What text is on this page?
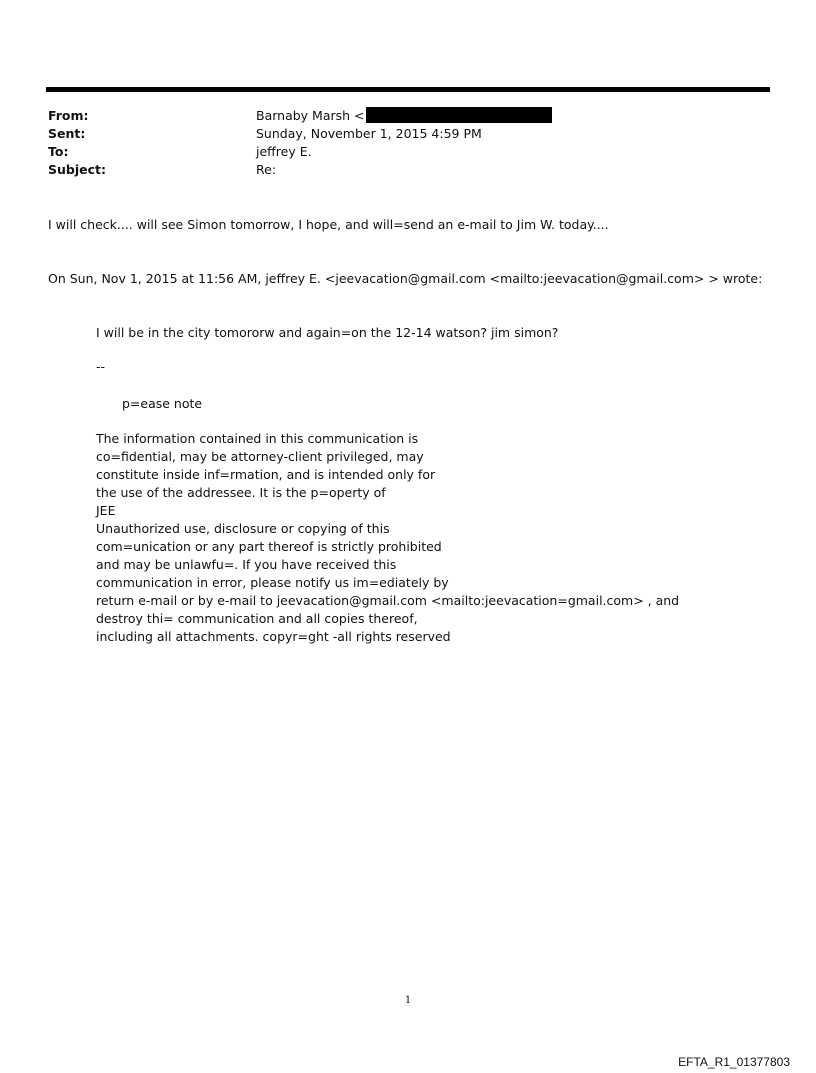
From:	Barnaby Marsh <
Sent:	Sunday, November 1, 2015 4:59 PM
To:	jeffrey E.
Subject:	Re:
I will check.... will see Simon tomorrow, I hope, and will=send an e-mail to Jim W. today....
On Sun, Nov 1, 2015 at 11:56 AM, jeffrey E. <jeevacation@gmail.com <mailto:jeevacation@gmail.com> > wrote:
I will be in the city tomororw and again=on the 12-14 watson? jim simon?
--
p=ease note
The information contained in this communication is
co=fidential, may be attorney-client privileged, may
constitute inside inf=rmation, and is intended only for
the use of the addressee. It is the p=operty of
JEE
Unauthorized use, disclosure or copying of this
com=unication or any part thereof is strictly prohibited
and may be unlawfu=. If you have received this
communication in error, please notify us im=ediately by
return e-mail or by e-mail to jeevacation@gmail.com <mailto:jeevacation=gmail.com> , and
destroy thi= communication and all copies thereof,
including all attachments. copyr=ght -all rights reserved
1
EFTA_R1_01377803
